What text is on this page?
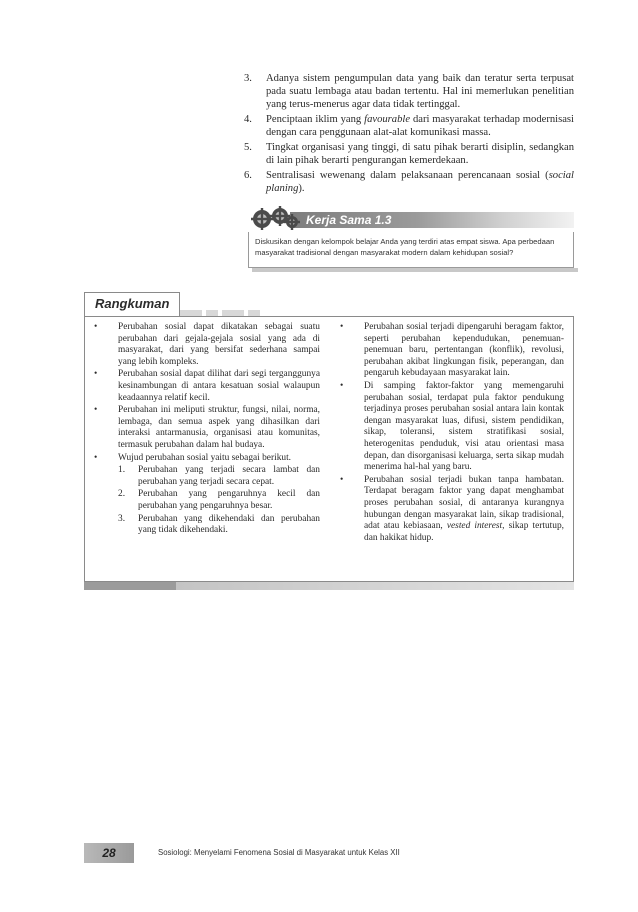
3. Adanya sistem pengumpulan data yang baik dan teratur serta terpusat pada suatu lembaga atau badan tertentu. Hal ini memerlukan penelitian yang terus-menerus agar data tidak tertinggal.
4. Penciptaan iklim yang favourable dari masyarakat terhadap modernisasi dengan cara penggunaan alat-alat komunikasi massa.
5. Tingkat organisasi yang tinggi, di satu pihak berarti disiplin, sedangkan di lain pihak berarti pengurangan kemerdekaan.
6. Sentralisasi wewenang dalam pelaksanaan perencanaan sosial (social planing).
Kerja Sama 1.3
Diskusikan dengan kelompok belajar Anda yang terdiri atas empat siswa. Apa perbedaan masyarakat tradisional dengan masyarakat modern dalam kehidupan sosial?
Rangkuman
• Perubahan sosial dapat dikatakan sebagai suatu perubahan dari gejala-gejala sosial yang ada di masyarakat, dari yang bersifat sederhana sampai yang lebih kompleks.
• Perubahan sosial dapat dilihat dari segi terganggunya kesinambungan di antara kesatuan sosial walaupun keadaannya relatif kecil.
• Perubahan ini meliputi struktur, fungsi, nilai, norma, lembaga, dan semua aspek yang dihasilkan dari interaksi antarmanusia, organisasi atau komunitas, termasuk perubahan dalam hal budaya.
• Wujud perubahan sosial yaitu sebagai berikut.
1. Perubahan yang terjadi secara lambat dan perubahan yang terjadi secara cepat.
2. Perubahan yang pengaruhnya kecil dan perubahan yang pengaruhnya besar.
3. Perubahan yang dikehendaki dan perubahan yang tidak dikehendaki.
• Perubahan sosial terjadi dipengaruhi beragam faktor, seperti perubahan kependudukan, penemuan-penemuan baru, pertentangan (konflik), revolusi, perubahan akibat lingkungan fisik, peperangan, dan pengaruh kebudayaan masyarakat lain.
• Di samping faktor-faktor yang memengaruhi perubahan sosial, terdapat pula faktor pendukung terjadinya proses perubahan sosial antara lain kontak dengan masyarakat luas, difusi, sistem pendidikan, sikap, toleransi, sistem stratifikasi sosial, heterogenitas penduduk, visi atau orientasi masa depan, dan disorganisasi keluarga, serta sikap mudah menerima hal-hal yang baru.
• Perubahan sosial terjadi bukan tanpa hambatan. Terdapat beragam faktor yang dapat menghambat proses perubahan sosial, di antaranya kurangnya hubungan dengan masyarakat lain, sikap tradisional, adat atau kebiasaan, vested interest, sikap tertutup, dan hakikat hidup.
28	Sosiologi: Menyelami Fenomena Sosial di Masyarakat untuk Kelas XII
